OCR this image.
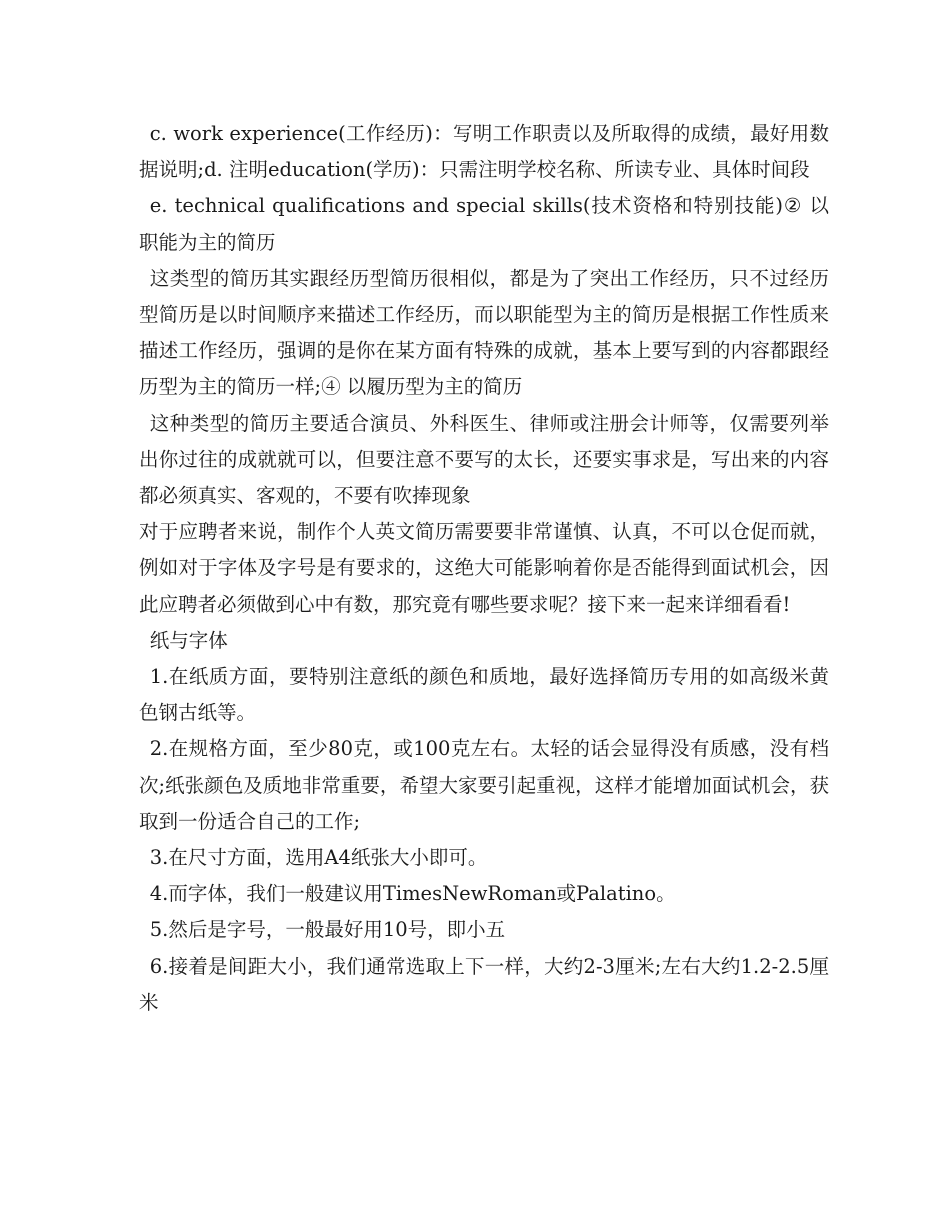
c. work experience(工作经历)：写明工作职责以及所取得的成绩，最好用数据说明;d. 注明education(学历)：只需注明学校名称、所读专业、具体时间段

e. technical qualifications and special skills(技术资格和特别技能)② 以职能为主的简历

这类型的简历其实跟经历型简历很相似，都是为了突出工作经历，只不过经历型简历是以时间顺序来描述工作经历，而以职能型为主的简历是根据工作性质来描述工作经历，强调的是你在某方面有特殊的成就，基本上要写到的内容都跟经历型为主的简历一样;④ 以履历型为主的简历

这种类型的简历主要适合演员、外科医生、律师或注册会计师等，仅需要列举出你过往的成就就可以，但要注意不要写的太长，还要实事求是，写出来的内容都必须真实、客观的，不要有吹捧现象

对于应聘者来说，制作个人英文简历需要要非常谨慎、认真，不可以仓促而就，例如对于字体及字号是有要求的，这绝大可能影响着你是否能得到面试机会，因此应聘者必须做到心中有数，那究竟有哪些要求呢？接下来一起来详细看看!

纸与字体

1.在纸质方面，要特别注意纸的颜色和质地，最好选择简历专用的如高级米黄色钢古纸等。

2.在规格方面，至少80克，或100克左右。太轻的话会显得没有质感，没有档次;纸张颜色及质地非常重要，希望大家要引起重视，这样才能增加面试机会，获取到一份适合自己的工作;

3.在尺寸方面，选用A4纸张大小即可。

4.而字体，我们一般建议用TimesNewRoman或Palatino。

5.然后是字号，一般最好用10号，即小五

6.接着是间距大小，我们通常选取上下一样，大约2-3厘米;左右大约1.2-2.5厘米
